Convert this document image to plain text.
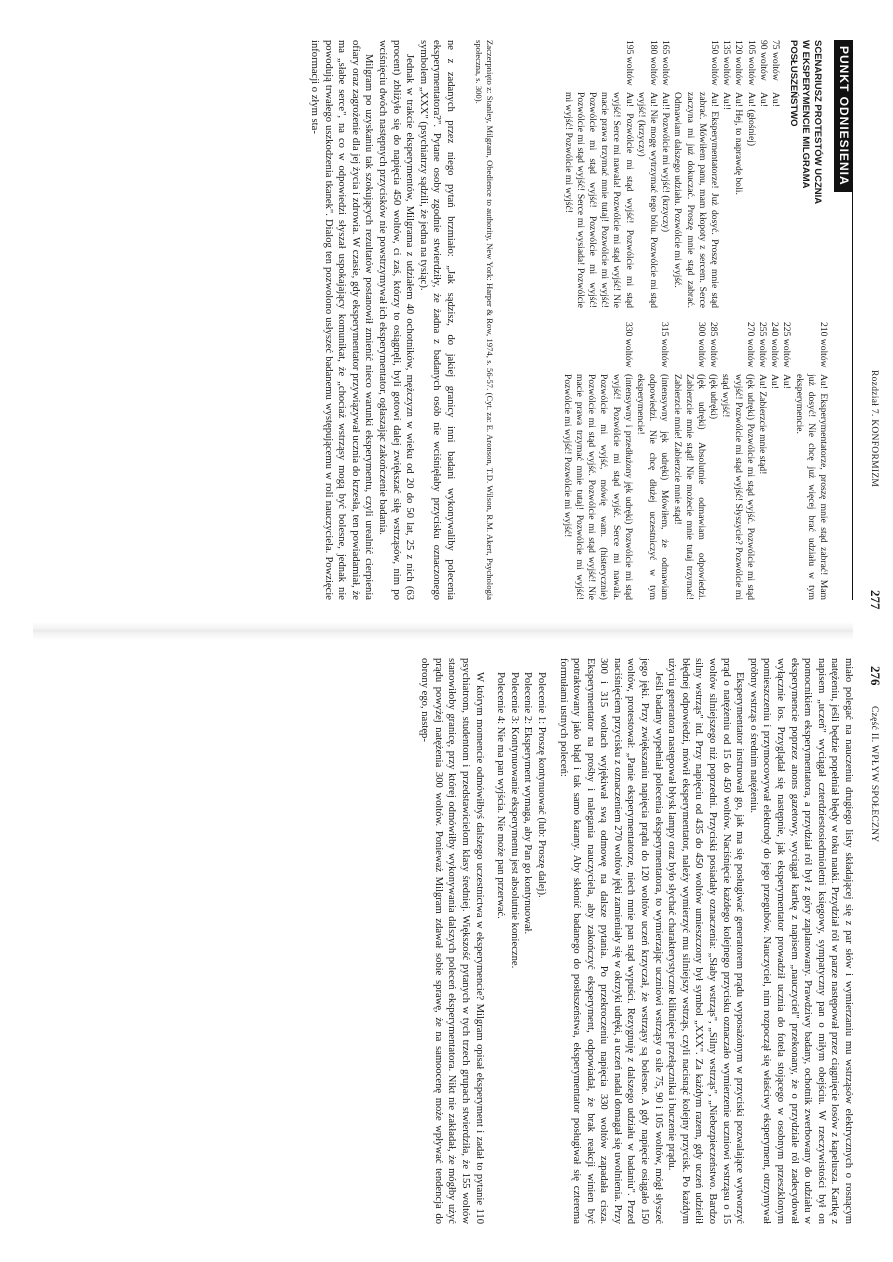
Rozdział 7. KONFORMIZM
277
PUNKT ODNIESIENIA
SCENARIUSZ PROTESTÓW UCZNIA
W EKSPERYMENCIE MILGRAMA
POSŁUSZEŃSTWO
75 woltów
Au!
90 woltów
Au!
105 woltów
Au! (głośniej)
120 woltów
Au! Hej, to naprawdę boli.
135 woltów
Au!!
150 woltów
Au! Eksperymentatorze! Już dosyć. Proszę mnie stąd zabrać. Mówiłem panu, mam kłopoty z sercem. Serce zaczyna mi już dokuczać. Proszę mnie stąd zabrać. Odmawiam dalszego udziału. Pozwólcie mi wyjść.
165 woltów
Au!! Pozwólcie mi wyjść! (krzyczy)
180 woltów
Au! Nie mogę wytrzymać tego bólu. Pozwólcie mi stąd wyjść! (krzyczy)
195 woltów
Au! Pozwólcie mi stąd wyjść! Pozwólcie mi stąd wyjść! Serce mi nawala! Pozwólcie mi stąd wyjść! Nie macie prawa trzymać mnie tutaj! Pozwólcie mi wyjść! Pozwólcie mi stąd wyjść! Pozwólcie mi wyjść! Pozwólcie mi stąd wyjść! Serce mi wysiada! Pozwólcie mi wyjść! Pozwólcie mi wyjść!
210 woltów
Au! Eksperymentatorze, proszę mnie stąd zabrać! Mam już dosyć! Nie chcę już więcej brać udziału w tym eksperymencie.
225 woltów
Au!
240 woltów
Au!
255 woltów
Au! Zabierzcie mnie stąd!
270 woltów
(jęk udręki) Pozwólcie mi stąd wyjść. Pozwólcie mi stąd wyjść! Pozwólcie mi stąd wyjść! Słyszycie? Pozwólcie mi stąd wyjść!
285 woltów
(jęk udręki)
300 woltów
(jęk udręki) Absolutnie odmawiam odpowiedzi. Zabierzcie mnie stąd! Nie możecie mnie tutaj trzymać! Zabierzcie mnie! Zabierzcie mnie stąd!
315 woltów
(intensywny jęk udręki) Mówiłem, że odmawiam odpowiedzi. Nie chcę dłużej uczestniczyć w tym eksperymencie!
330 woltów
(intensywny i przedłużony jęk udręki) Pozwólcie mi stąd wyjść! Pozwólcie mi stąd wyjść. Serce mi nawala. Pozwólcie mi wyjść, mówię wam. (histerycznie) Pozwólcie mi stąd wyjść. Pozwólcie mi stąd wyjść! Nie macie prawa trzymać mnie tutaj! Pozwólcie mi wyjść! Pozwólcie mi wyjść! Pozwólcie mi wyjść!
Zaczerpnięto z: Stanley, Milgram, Obedience to authority, New York: Harper & Row, 1974, s. 56-57. (Cyt. za: E. Aronson, T.D. Wilson, R.M. Akert, Psychologia społeczna, s. 300).

ne z zadanych przez niego pytań brzmiało: „Jak sądzisz, do jakiej granicy inni badani wykonywaliby polecenia eksperymentatora?". Pytane osoby zgodnie stwierdziły, że żadna z badanych osób nie wciśnięłaby przycisku oznaczonego symbolem „XXX" (psychiatrzy sądzili, że jedna na tysiąc).

Jednak w trakcie eksperymentów, Milgrama z udziałem 40 ochotników, mężczyzn w wieku od 20 do 50 lat, 25 z nich (63 procent) zbliżyło się do napięcia 450 woltów, ci zaś, którzy to osiągnęli, byli gotowi dalej zwiększać siłę wstrząsów, nim po wciśnięciu dwóch następnych przycisków nie powstrzymywał ich eksperymentator, ogłaszając zakończenie badania.

Milgram po uzyskaniu tak szokujących rezultatów postanowił zmienić nieco warunki eksperymentu, czyli urealnić cierpienia ofiary oraz zagrożenie dla jej życia i zdrowia. W czasie, gdy eksperymentator przywiązywał ucznia do krzesła, ten powiadamiał, że ma „słabe serce", na co w odpowiedzi słyszał uspokajający komunikat, że „chociaż wstrząsy mogą być bolesne, jednak nie powodują trwałego uszkodzenia tkanek". Dialog ten pozwolono usłyszeć badanemu występującemu w roli nauczyciela. Powzięcie informacji o złym sta-

276
Część II. WPŁYW SPOŁECZNY

miało polegać na nauczeniu drugiego listy składającej się z par słów i wymierzaniu mu wstrząsów elektrycznych o rosnącym natężeniu, jeśli będzie popełniał błędy w toku nauki. Przydział ról w parze następował przez ciągnięcie losów z kapelusza. Kartkę z napisem „uczeń" wyciągał czterdziestosiedmioletni księgowy, sympatyczny pan o miłym obejściu. W rzeczywistości był on pomocnikiem eksperymentatora, a przydział ról był z góry zaplanowany. Prawdziwy badany, ochotnik zwerbowany do udziału w eksperymencie poprzez anons gazetowy, wyciągał kartkę z napisem „nauczyciel" przekonany, że o przydziale ról zadecydował wyłącznie los. Przyglądał się następnie, jak eksperymentator prowadził ucznia do fotela stojącego w osobnym przeszklonym pomieszczeniu i przymocowywał elektrody do jego przegubów. Nauczyciel, nim rozpoczął się właściwy eksperyment, otrzymywał próbny wstrząs o średnim natężeniu.

Eksperymentator instruował go, jak ma się posługiwać generatorem prądu wyposażonym w przyciski pozwalające wytworzyć prąd o natężeniu od 15 do 450 woltów. Naciśnięcie każdego kolejnego przycisku oznaczało wymierzenie uczniowi wstrząsu o 15 woltów silniejszego niż poprzedni. Przyciski posiadały oznaczenia: „Słaby wstrząs", „Silny wstrząs", „Niebezpieczeństwo. Bardzo silny wstrząs" itd. Przy napięciu od 435 do 450 woltów umieszczony był symbol „XXX". Za każdym razem, gdy uczeń udzielił błędnej odpowiedzi, mówił eksperymentator, należy wymierzyć mu silniejszy wstrząs, czyli nacisnąć kolejny przycisk. Po każdym użyciu generatora następował błysk lampy oraz było słychać charakterystyczne kliknięcie przełącznika i buczenie prądu.

Jeśli badany wypełniał polecenia eksperymentatora, to wymierzając uczniowi wstrząsy o sile 75, 90 i 105 woltów, mógł słyszeć jego jęki. Przy zwiększaniu napięcia prądu do 120 woltów uczeń krzyczał, że wstrząsy są bolesne. A gdy napięcie osiągało 150 woltów, protestował: „Panie eksperymentatorze, niech mnie pan stąd wypuści. Rezygnuję z dalszego udziału w badaniu". Przed naciśnięciem przycisku z oznaczeniem 270 woltów jęki zamieniały się w okrzyki udręki, a uczeń nadal domagał się uwolnienia. Przy 300 i 315 woltach wyjękiwał swą odmowę na dalsze pytania. Po przekroczeniu napięcia 330 woltów zapadała cisza. Eksperymentator na prośby i nalegania nauczyciela, aby zakończyć eksperyment, odpowiadał, że brak reakcji winien być potraktowany jako błąd i tak samo karany. Aby skłonić badanego do posłuszeństwa, eksperymentator posługiwał się czterema formułami ustnych poleceń:

Polecenie 1: Proszę kontynuować (lub: Proszę dalej).

Polecenie 2: Eksperyment wymaga, aby Pan go kontynuował.

Polecenie 3: Kontynuowanie eksperymentu jest absolutnie konieczne.

Polecenie 4: Nie ma pan wyjścia. Nie może pan przerwać.

W którym momencie odmówiłbyś dalszego uczestnictwa w eksperymencie? Milgram opisał eksperyment i zadał to pytanie 110 psychiatrom, studentom i przedstawicielom klasy średniej. Większość pytanych w tych trzech grupach stwierdziła, że 155 woltów stanowiłoby granicę, przy której odmówiłby wykonywania dalszych poleceń eksperymentatora. Nikt nie zakładał, że mógłby użyć prądu powyżej natężenia 300 woltów. Ponieważ Milgram zdawał sobie sprawę, że na samoocenę może wpływać tendencja do obrony ego, następ-
